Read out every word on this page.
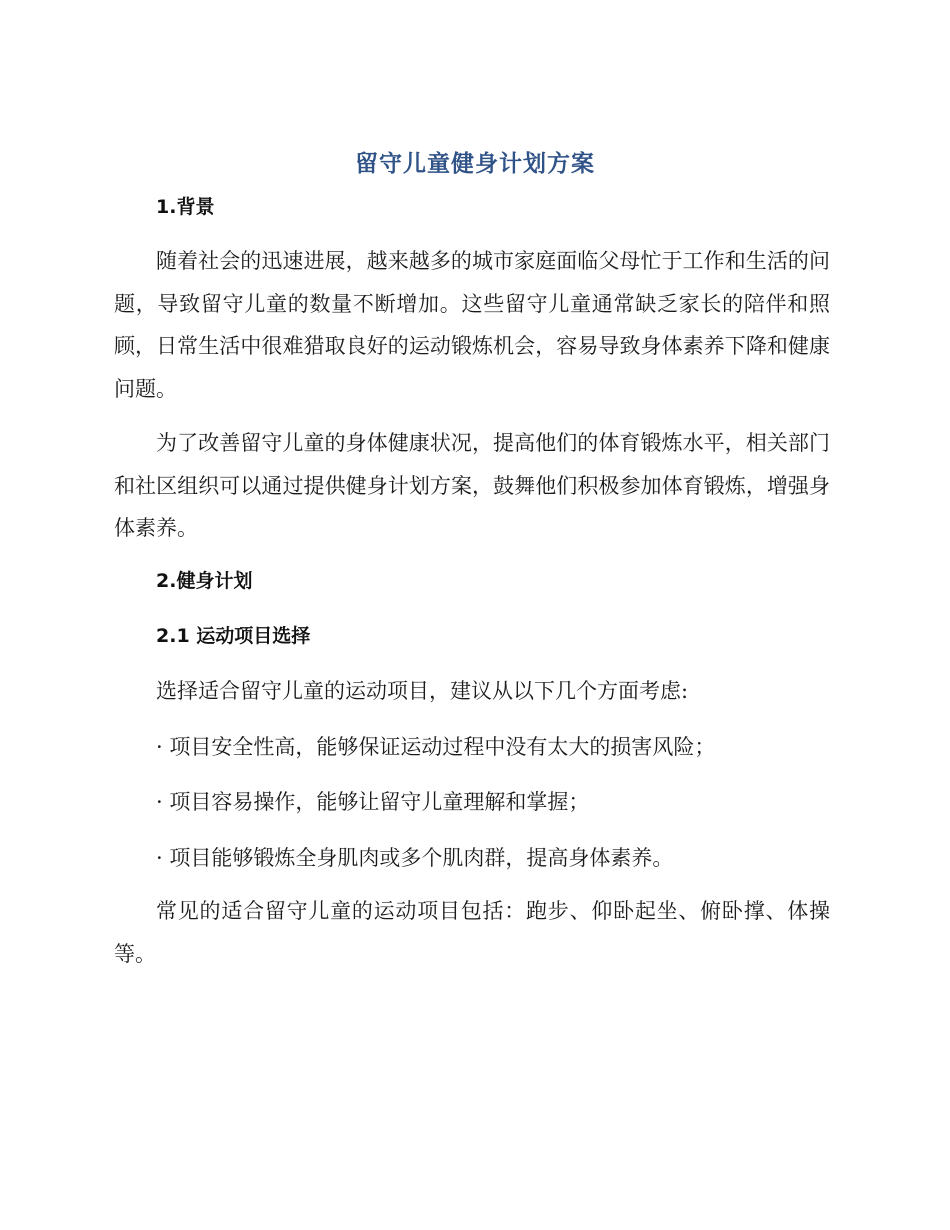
留守儿童健身计划方案
1.背景
随着社会的迅速进展，越来越多的城市家庭面临父母忙于工作和生活的问题，导致留守儿童的数量不断增加。这些留守儿童通常缺乏家长的陪伴和照顾，日常生活中很难猎取良好的运动锻炼机会，容易导致身体素养下降和健康问题。
为了改善留守儿童的身体健康状况，提高他们的体育锻炼水平，相关部门和社区组织可以通过提供健身计划方案，鼓舞他们积极参加体育锻炼，增强身体素养。
2.健身计划
2.1 运动项目选择
选择适合留守儿童的运动项目，建议从以下几个方面考虑:
· 项目安全性高，能够保证运动过程中没有太大的损害风险；
· 项目容易操作，能够让留守儿童理解和掌握；
· 项目能够锻炼全身肌肉或多个肌肉群，提高身体素养。
常见的适合留守儿童的运动项目包括：跑步、仰卧起坐、俯卧撑、体操等。
